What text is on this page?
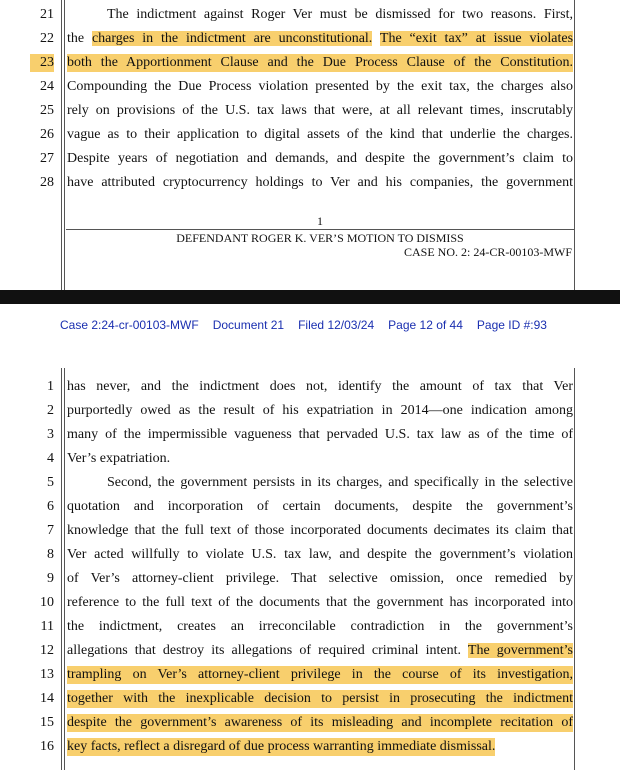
21	The indictment against Roger Ver must be dismissed for two reasons. First,
22 the charges in the indictment are unconstitutional. The “exit tax” at issue violates
23 both the Apportionment Clause and the Due Process Clause of the Constitution.
24 Compounding the Due Process violation presented by the exit tax, the charges also
25 rely on provisions of the U.S. tax laws that were, at all relevant times, inscrutably
26 vague as to their application to digital assets of the kind that underlie the charges.
27 Despite years of negotiation and demands, and despite the government’s claim to
28 have attributed cryptocurrency holdings to Ver and his companies, the government
1
DEFENDANT ROGER K. VER’S MOTION TO DISMISS
CASE NO. 2: 24-CR-00103-MWF
Case 2:24-cr-00103-MWF Document 21 Filed 12/03/24 Page 12 of 44 Page ID #:93
1 has never, and the indictment does not, identify the amount of tax that Ver
2 purportedly owed as the result of his expatriation in 2014—one indication among
3 many of the impermissible vagueness that pervaded U.S. tax law as of the time of
4 Ver’s expatriation.
5	Second, the government persists in its charges, and specifically in the selective
6 quotation and incorporation of certain documents, despite the government’s
7 knowledge that the full text of those incorporated documents decimates its claim that
8 Ver acted willfully to violate U.S. tax law, and despite the government’s violation
9 of Ver’s attorney-client privilege. That selective omission, once remedied by
10 reference to the full text of the documents that the government has incorporated into
11 the indictment, creates an irreconcilable contradiction in the government’s
12 allegations that destroy its allegations of required criminal intent. The government’s
13 trampling on Ver’s attorney-client privilege in the course of its investigation,
14 together with the inexplicable decision to persist in prosecuting the indictment
15 despite the government’s awareness of its misleading and incomplete recitation of
16 key facts, reflect a disregard of due process warranting immediate dismissal.
